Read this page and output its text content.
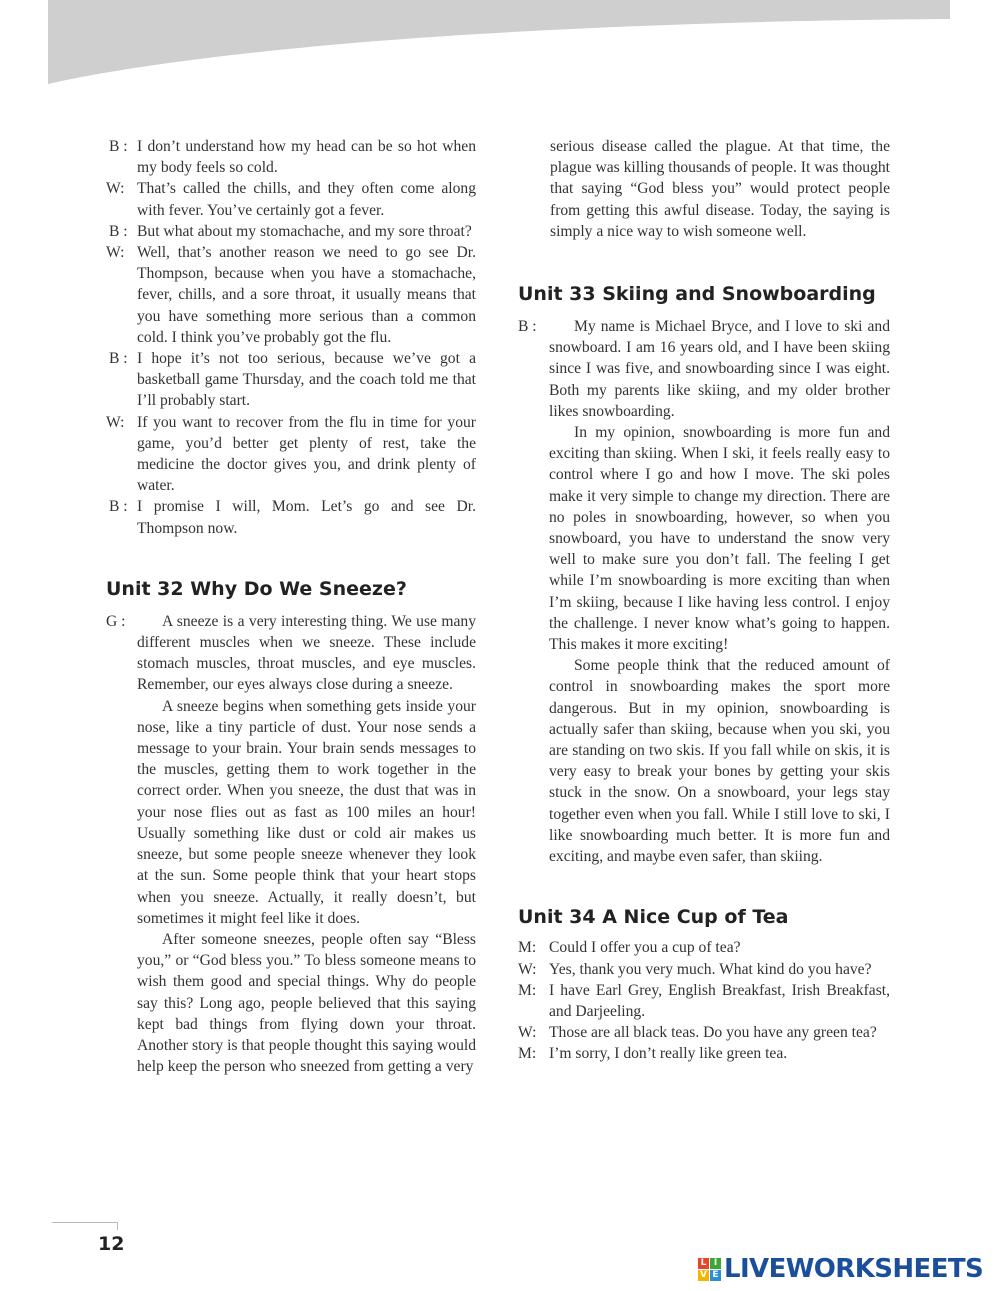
B : I don’t understand how my head can be so hot when my body feels so cold.
W: That’s called the chills, and they often come along with fever. You’ve certainly got a fever.
B : But what about my stomachache, and my sore throat?
W: Well, that’s another reason we need to go see Dr. Thompson, because when you have a stomachache, fever, chills, and a sore throat, it usually means that you have something more serious than a common cold. I think you’ve probably got the flu.
B : I hope it’s not too serious, because we’ve got a basketball game Thursday, and the coach told me that I’ll probably start.
W: If you want to recover from the flu in time for your game, you’d better get plenty of rest, take the medicine the doctor gives you, and drink plenty of water.
B : I promise I will, Mom. Let’s go and see Dr. Thompson now.
Unit 32 Why Do We Sneeze?
G :	A sneeze is a very interesting thing. We use many different muscles when we sneeze. These include stomach muscles, throat muscles, and eye muscles. Remember, our eyes always close during a sneeze.

A sneeze begins when something gets inside your nose, like a tiny particle of dust. Your nose sends a message to your brain. Your brain sends messages to the muscles, getting them to work together in the correct order. When you sneeze, the dust that was in your nose flies out as fast as 100 miles an hour! Usually something like dust or cold air makes us sneeze, but some people sneeze whenever they look at the sun. Some people think that your heart stops when you sneeze. Actually, it really doesn’t, but sometimes it might feel like it does.

After someone sneezes, people often say “Bless you,” or “God bless you.” To bless someone means to wish them good and special things. Why do people say this? Long ago, people believed that this saying kept bad things from flying down your throat. Another story is that people thought this saying would help keep the person who sneezed from getting a very

serious disease called the plague. At that time, the plague was killing thousands of people. It was thought that saying “God bless you” would protect people from getting this awful disease. Today, the saying is simply a nice way to wish someone well.
Unit 33 Skiing and Snowboarding
B :	My name is Michael Bryce, and I love to ski and snowboard. I am 16 years old, and I have been skiing since I was five, and snowboarding since I was eight. Both my parents like skiing, and my older brother likes snowboarding.

In my opinion, snowboarding is more fun and exciting than skiing. When I ski, it feels really easy to control where I go and how I move. The ski poles make it very simple to change my direction. There are no poles in snowboarding, however, so when you snowboard, you have to understand the snow very well to make sure you don’t fall. The feeling I get while I’m snowboarding is more exciting than when I’m skiing, because I like having less control. I enjoy the challenge. I never know what’s going to happen. This makes it more exciting!

Some people think that the reduced amount of control in snowboarding makes the sport more dangerous. But in my opinion, snowboarding is actually safer than skiing, because when you ski, you are standing on two skis. If you fall while on skis, it is very easy to break your bones by getting your skis stuck in the snow. On a snowboard, your legs stay together even when you fall. While I still love to ski, I like snowboarding much better. It is more fun and exciting, and maybe even safer, than skiing.

Unit 34 A Nice Cup of Tea
M: Could I offer you a cup of tea?
W: Yes, thank you very much. What kind do you have?
M: I have Earl Grey, English Breakfast, Irish Breakfast, and Darjeeling.
W: Those are all black teas. Do you have any green tea?
M: I’m sorry, I don’t really like green tea.
12
L I
V E LIVEWORKSHEETS
